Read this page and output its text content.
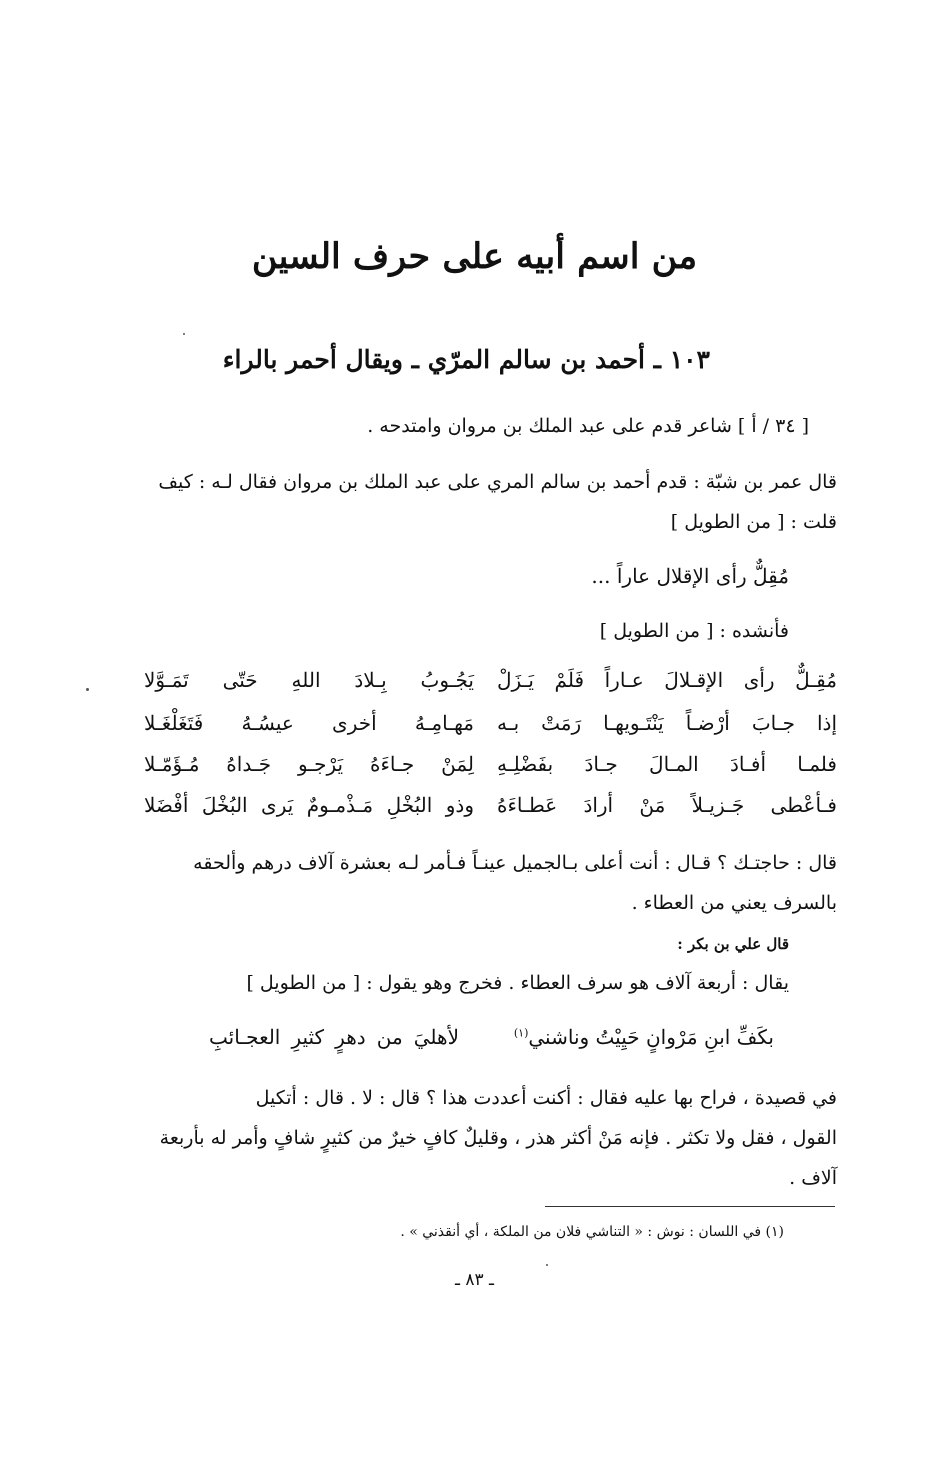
من اسم أبيه على حرف السين
١٠٣ ـ أحمد بن سالم المرّي ـ ويقال أحمر بالراء
[ ٣٤ / أ ] شاعر قدم على عبد الملك بن مروان وامتدحه .
قال عمر بن شبّة : قدم أحمد بن سالم المري على عبد الملك بن مروان فقال لـه : كيف
قلت : [ من الطويل ]
مُقِلٌّ رأى الإقلال عاراً ...
فأنشده : [ من الطويل ]
مُقِـلٌّ رأى الإقـلالَ عـاراً فَلَمْ يَـزَلْ
يَجُـوبُ بِـلادَ اللهِ حَتّى تَمَـوَّلا
إذا جـابَ أرْضـاً يَنْتَـويهـا رَمَتْ بـه
مَهـامِـهُ أخرى عيسُـهُ فَتَغَلْغَـلا
فلمـا أفـادَ المـالَ جـادَ بفَضْلِـهِ
لِمَنْ جـاءَهُ يَرْجـو جَـداهُ مُـؤَمّـلا
فـأعْطى جَـزيـلاً مَنْ أرادَ عَطـاءَهُ
وذو البُخْلِ مَـذْمـومٌ يَرى البُخْلَ أفْضَلا
قال : حاجتـك ؟ قـال : أنت أعلى بـالجميل عينـاً فـأمر لـه بعشرة آلاف درهم وألحقه
بالسرف يعني من العطاء .
قال علي بن بكر :
يقال : أربعة آلاف هو سرف العطاء . فخرج وهو يقول : [ من الطويل ]
بكَفِّ ابنِ مَرْوانٍ حَيِيْتُ وناشني$^{(١)}$
لأهليَ من دهرٍ كثيرِ العجـائبِ
في قصيدة ، فراح بها عليه فقال : أكنت أعددت هذا ؟ قال : لا . قال : أتكيل
القول ، فقل ولا تكثر . فإنه مَنْ أكثر هذر ، وقليلٌ كافٍ خيرٌ من كثيرٍ شافٍ وأمر له بأربعة
آلاف .
(١) في اللسان : نوش : « التناشي فلان من الملكة ، أي أنقذني » .
ـ ٨٣ ـ
